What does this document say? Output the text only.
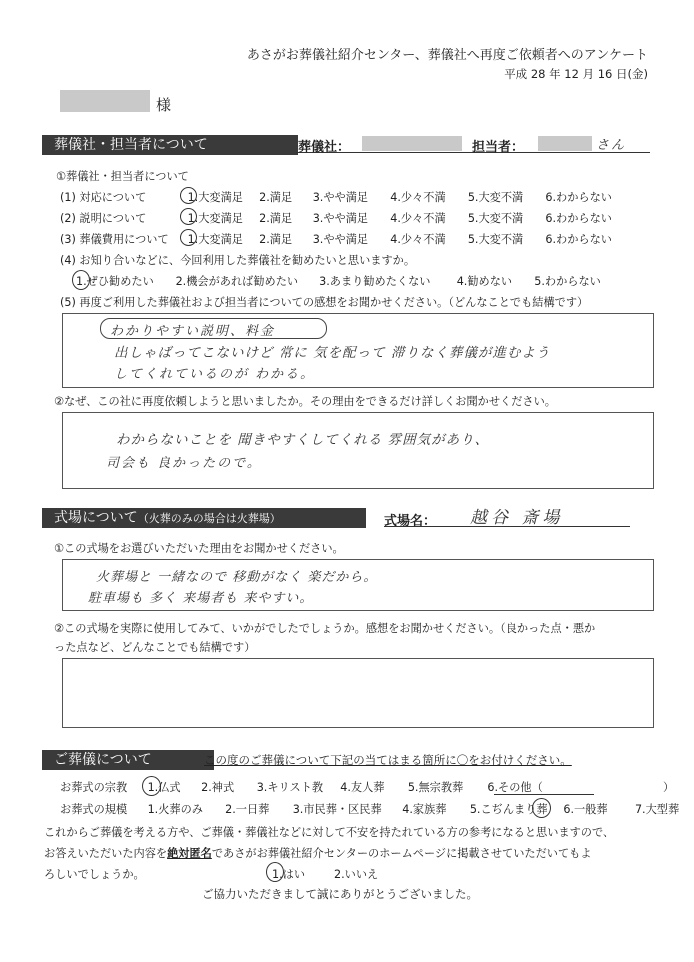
あさがお葬儀社紹介センター、葬儀社へ再度ご依頼者へのアンケート
平成 28 年 12 月 16 日(金)
様
葬儀社・担当者について	葬儀社：	担当者：	さん
①葬儀社・担当者について
(1) 対応について	1.大変満足 2.満足 3.やや満足 4.少々不満 5.大変不満 6.わからない
(2) 説明について	1.大変満足 2.満足 3.やや満足 4.少々不満 5.大変不満 6.わからない
(3) 葬儀費用について 1.大変満足 2.満足 3.やや満足 4.少々不満 5.大変不満 6.わからない
(4) お知り合いなどに、今回利用した葬儀社を勧めたいと思いますか。
1.ぜひ勧めたい 2.機会があれば勧めたい 3.あまり勧めたくない 4.勧めない 5.わからない
(5) 再度ご利用した葬儀社および担当者についての感想をお聞かせください。（どんなことでも結構です）
わかりやすい説明、料金
出しゃばってこないけど 常に 気を配って 滞りなく葬儀が進むよう
してくれているのが わかる。
②なぜ、この社に再度依頼しようと思いましたか。その理由をできるだけ詳しくお聞かせください。
わからないことを 聞きやすくしてくれる 雰囲気があり、
司会も 良かったので。
式場について（火葬のみの場合は火葬場）	式場名： 越谷 斎場
①この式場をお選びいただいた理由をお聞かせください。
火葬場と 一緒なので 移動がなく 楽だから。
駐車場も 多く 来場者も 来やすい。
②この式場を実際に使用してみて、いかがでしたでしょうか。感想をお聞かせください。（良かった点・悪か
った点など、どんなことでも結構です）
ご葬儀について	この度のご葬儀について下記の当てはまる箇所に〇をお付けください。
お葬式の宗教 1.仏式 2.神式 3.キリスト教 4.友人葬 5.無宗教葬 6.その他（	）
お葬式の規模 1.火葬のみ 2.一日葬 3.市民葬・区民葬 4.家族葬 5.こぢんまり葬 6.一般葬 7.大型葬
これからご葬儀を考える方や、ご葬儀・葬儀社などに対して不安を持たれている方の参考になると思いますので、
お答えいただいた内容を絶対匿名であさがお葬儀社紹介センターのホームページに掲載させていただいてもよ
ろしいでしょうか。	1.はい	2.いいえ
ご協力いただきまして誠にありがとうございました。
